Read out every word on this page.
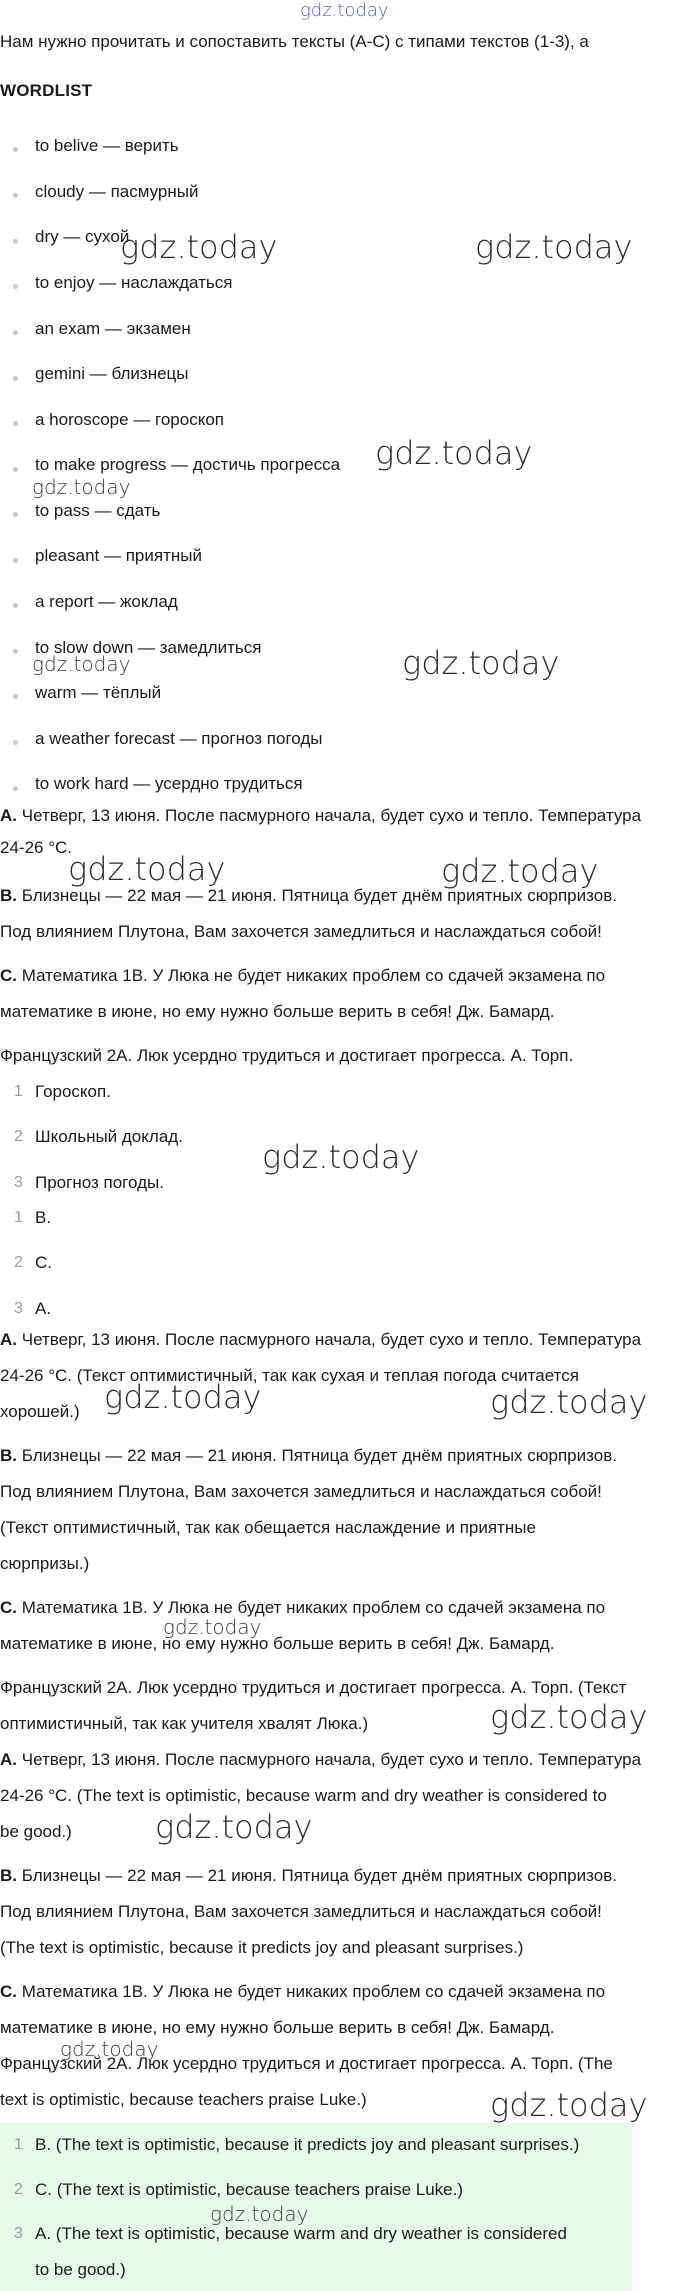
gdz.today
Нам нужно прочитать и сопоставить тексты (А-С) с типами текстов (1-3), а
WORDLIST
to belive — верить
cloudy — пасмурный
dry — сухой
to enjoy — наслаждаться
an exam — экзамен
gemini — близнецы
a horoscope — гороскоп
to make progress — достичь прогресса
to pass — сдать
pleasant — приятный
a report — жоклад
to slow down — замедлиться
warm — тёплый
a weather forecast — прогноз погоды
to work hard — усердно трудиться
A. Четверг, 13 июня. После пасмурного начала, будет сухо и тепло. Температура
24-26 °С.
B. Близнецы — 22 мая — 21 июня. Пятница будет днём приятных сюрпризов.
Под влиянием Плутона, Вам захочется замедлиться и наслаждаться собой!
C. Математика 1B. У Люка не будет никаких проблем со сдачей экзамена по
математике в июне, но ему нужно больше верить в себя! Дж. Бамард.
Французский 2А. Люк усердно трудиться и достигает прогресса. А. Торп.
1 Гороскоп.
2 Школьный доклад.
3 Прогноз погоды.
1 B.
2 C.
3 A.
A. Четверг, 13 июня. После пасмурного начала, будет сухо и тепло. Температура
24-26 °С. (Текст оптимистичный, так как сухая и теплая погода считается
хорошей.)
B. Близнецы — 22 мая — 21 июня. Пятница будет днём приятных сюрпризов.
Под влиянием Плутона, Вам захочется замедлиться и наслаждаться собой!
(Текст оптимистичный, так как обещается наслаждение и приятные
сюрпризы.)
C. Математика 1B. У Люка не будет никаких проблем со сдачей экзамена по
математике в июне, но ему нужно больше верить в себя! Дж. Бамард.
Французский 2А. Люк усердно трудиться и достигает прогресса. А. Торп. (Текст
оптимистичный, так как учителя хвалят Люка.)
A. Четверг, 13 июня. После пасмурного начала, будет сухо и тепло. Температура
24-26 °С. (The text is optimistic, because warm and dry weather is considered to
be good.)
B. Близнецы — 22 мая — 21 июня. Пятница будет днём приятных сюрпризов.
Под влиянием Плутона, Вам захочется замедлиться и наслаждаться собой!
(The text is optimistic, because it predicts joy and pleasant surprises.)
C. Математика 1B. У Люка не будет никаких проблем со сдачей экзамена по
математике в июне, но ему нужно больше верить в себя! Дж. Бамард.
Французский 2А. Люк усердно трудиться и достигает прогресса. А. Торп. (The
text is optimistic, because teachers praise Luke.)
1 B. (The text is optimistic, because it predicts joy and pleasant surprises.)
2 C. (The text is optimistic, because teachers praise Luke.)
3 A. (The text is optimistic, because warm and dry weather is considered
to be good.)
gdz.today	gdz.today
gdz.today
gdz.today
gdz.today	gdz.today
gdz.today	gdz.today
gdz.today
gdz.today	gdz.today
gdz.today
gdz.today
gdz.today
gdz.today
gdz.today
gdz.today
